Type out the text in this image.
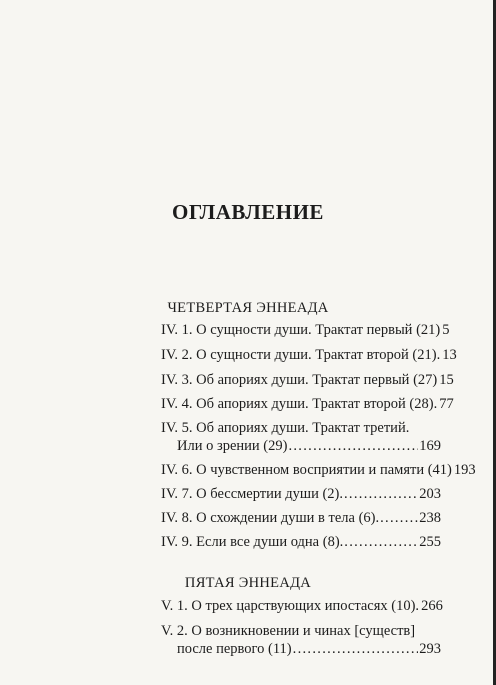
ОГЛАВЛЕНИЕ
ЧЕТВЕРТАЯ ЭННЕАДА
IV. 1. О сущности души. Трактат первый (21) 5
IV. 2. О сущности души. Трактат второй (21). 13
IV. 3. Об апориях души. Трактат первый (27) 15
IV. 4. Об апориях души. Трактат второй (28). 77
IV. 5. Об апориях души. Трактат третий.
Или о зрении (29) .....	169
IV. 6. О чувственном восприятии и памяти (41) 193
IV. 7. О бессмертии души (2). .....	203
IV. 8. О схождении души в тела (6). .....	238
IV. 9. Если все души одна (8). .....	255
ПЯТАЯ ЭННЕАДА
V. 1. О трех царствующих ипостасях (10). 266
V. 2. О возникновении и чинах [существ]
после первого (11) .....	293
